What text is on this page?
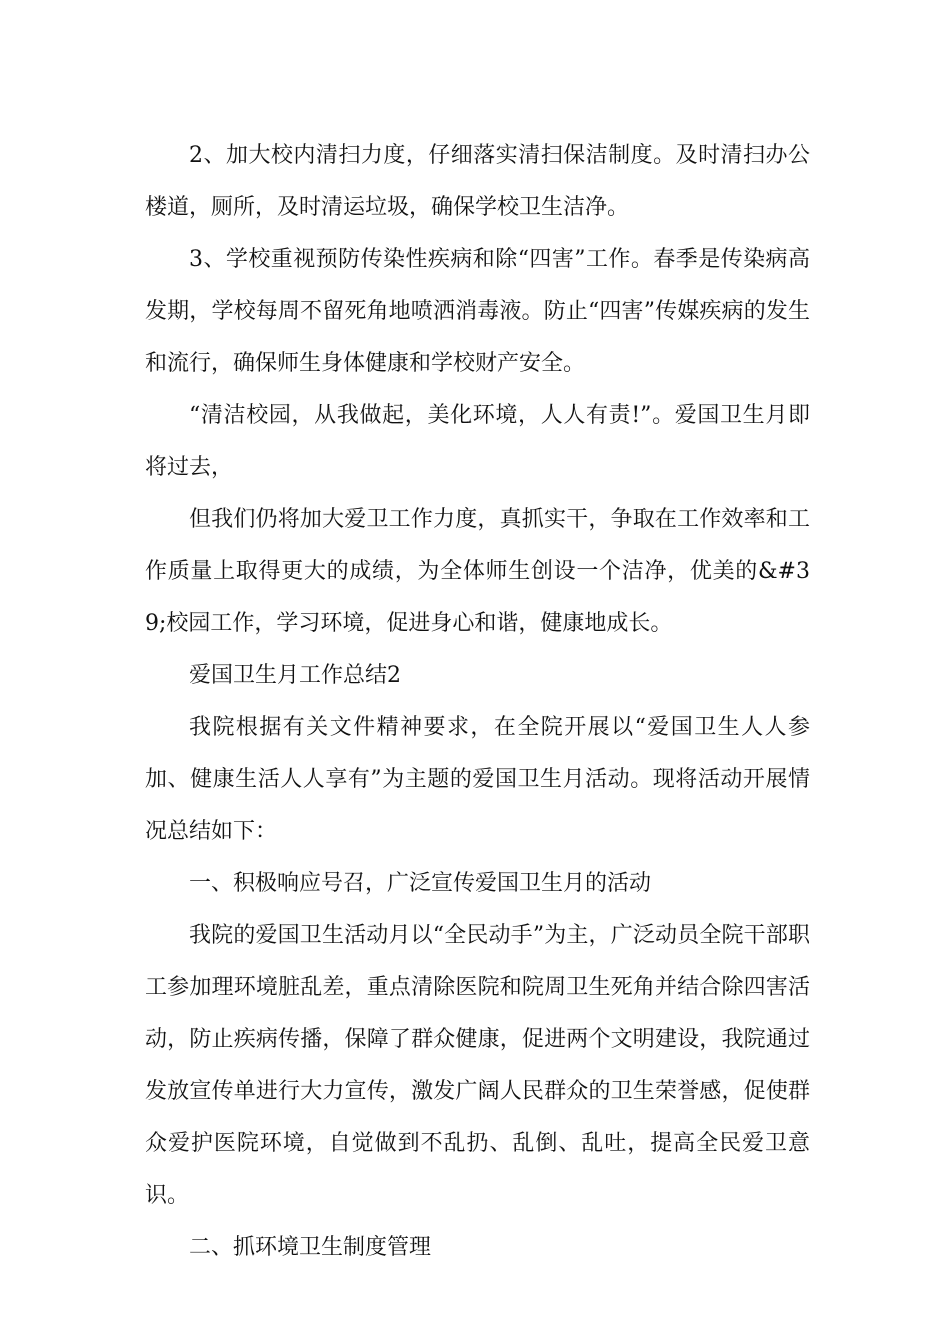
2、加大校内清扫力度，仔细落实清扫保洁制度。及时清扫办公楼道，厕所，及时清运垃圾，确保学校卫生洁净。

3、学校重视预防传染性疾病和除“四害”工作。春季是传染病高发期，学校每周不留死角地喷洒消毒液。防止“四害”传媒疾病的发生和流行，确保师生身体健康和学校财产安全。

“清洁校园，从我做起，美化环境，人人有责!”。爱国卫生月即将过去，

但我们仍将加大爱卫工作力度，真抓实干，争取在工作效率和工作质量上取得更大的成绩，为全体师生创设一个洁净，优美的&#39;校园工作，学习环境，促进身心和谐，健康地成长。

爱国卫生月工作总结2

我院根据有关文件精神要求，在全院开展以“爱国卫生人人参加、健康生活人人享有”为主题的爱国卫生月活动。现将活动开展情况总结如下：

一、积极响应号召，广泛宣传爱国卫生月的活动

我院的爱国卫生活动月以“全民动手”为主，广泛动员全院干部职工参加理环境脏乱差，重点清除医院和院周卫生死角并结合除四害活动，防止疾病传播，保障了群众健康，促进两个文明建设，我院通过发放宣传单进行大力宣传，激发广阔人民群众的卫生荣誉感，促使群众爱护医院环境，自觉做到不乱扔、乱倒、乱吐，提高全民爱卫意识。

二、抓环境卫生制度管理
